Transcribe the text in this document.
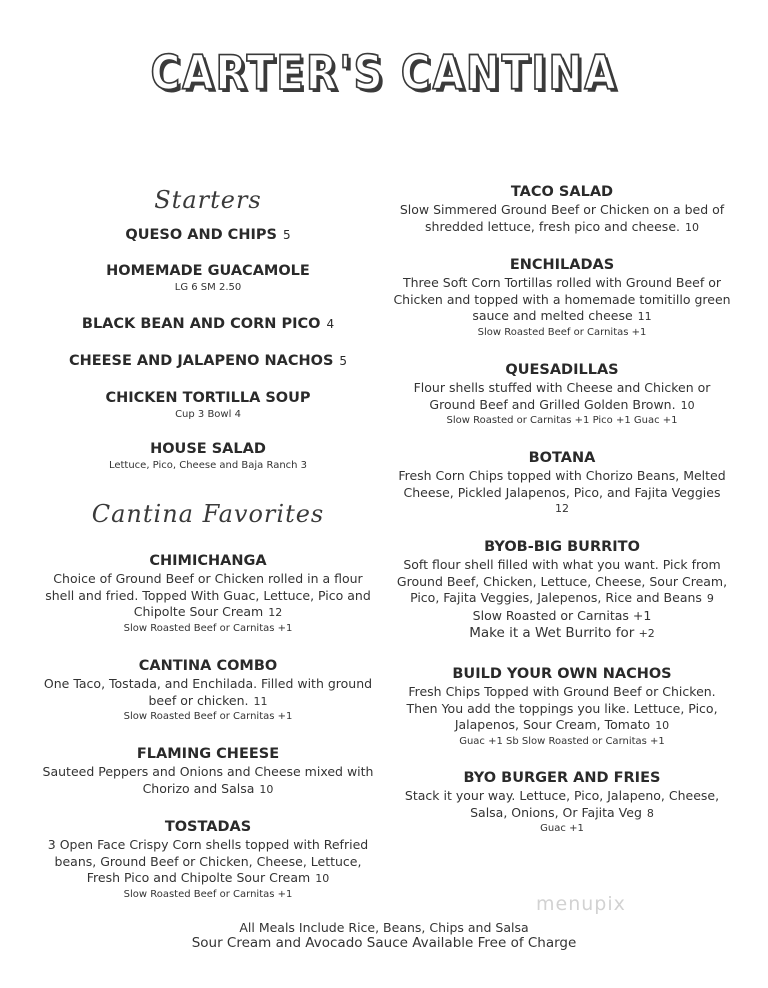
CARTER'S CANTINA
Starters
QUESO AND CHIPS 5
HOMEMADE GUACAMOLE
LG 6 SM 2.50
BLACK BEAN AND CORN PICO 4
CHEESE AND JALAPENO NACHOS 5
CHICKEN TORTILLA SOUP
Cup 3 Bowl 4
HOUSE SALAD
Lettuce, Pico, Cheese and Baja Ranch 3
Cantina Favorites
CHIMICHANGA
Choice of Ground Beef or Chicken rolled in a flour
shell and fried. Topped With Guac, Lettuce, Pico and
Chipolte Sour Cream 12
Slow Roasted Beef or Carnitas +1
CANTINA COMBO
One Taco, Tostada, and Enchilada. Filled with ground
beef or chicken. 11
Slow Roasted Beef or Carnitas +1
FLAMING CHEESE
Sauteed Peppers and Onions and Cheese mixed with
Chorizo and Salsa 10
TOSTADAS
3 Open Face Crispy Corn shells topped with Refried
beans, Ground Beef or Chicken, Cheese, Lettuce,
Fresh Pico and Chipolte Sour Cream 10
Slow Roasted Beef or Carnitas +1
TACO SALAD
Slow Simmered Ground Beef or Chicken on a bed of
shredded lettuce, fresh pico and cheese. 10
ENCHILADAS
Three Soft Corn Tortillas rolled with Ground Beef or
Chicken and topped with a homemade tomitillo green
sauce and melted cheese 11
Slow Roasted Beef or Carnitas +1
QUESADILLAS
Flour shells stuffed with Cheese and Chicken or
Ground Beef and Grilled Golden Brown. 10
Slow Roasted or Carnitas +1 Pico +1 Guac +1
BOTANA
Fresh Corn Chips topped with Chorizo Beans, Melted
Cheese, Pickled Jalapenos, Pico, and Fajita Veggies
12
BYOB-BIG BURRITO
Soft flour shell filled with what you want. Pick from
Ground Beef, Chicken, Lettuce, Cheese, Sour Cream,
Pico, Fajita Veggies, Jalepenos, Rice and Beans 9
Slow Roasted or Carnitas +1
Make it a Wet Burrito for +2
BUILD YOUR OWN NACHOS
Fresh Chips Topped with Ground Beef or Chicken.
Then You add the toppings you like. Lettuce, Pico,
Jalapenos, Sour Cream, Tomato 10
Guac +1 Sb Slow Roasted or Carnitas +1
BYO BURGER AND FRIES
Stack it your way. Lettuce, Pico, Jalapeno, Cheese,
Salsa, Onions, Or Fajita Veg 8
Guac +1
menupix
All Meals Include Rice, Beans, Chips and Salsa
Sour Cream and Avocado Sauce Available Free of Charge
